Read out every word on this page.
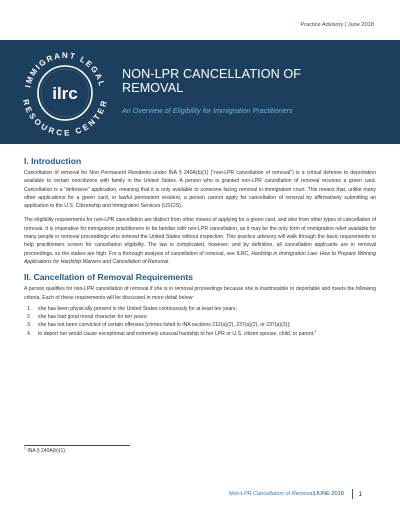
Practice Advisory | June 2018
IMMIGRANT LEGAL
RESOURCE CENTER
ilrc
NON-LPR CANCELLATION OF
REMOVAL
An Overview of Eligibility for Immigration Practitioners
I. Introduction

Cancellation of removal for Non Permanent Residents under INA § 240A(b)(1) (“non-LPR cancellation of removal”) is a critical defense to deportation available to certain noncitizens with family in the United States. A person who is granted non-LPR cancellation of removal receives a green card. Cancellation is a “defensive” application, meaning that it is only available to someone facing removal in immigration court. This means that, unlike many other applications for a green card, or lawful permanent resident, a person cannot apply for cancellation of removal by affirmatively submitting an application to the U.S. Citizenship and Immigration Services (USCIS).

The eligibility requirements for non-LPR cancellation are distinct from other means of applying for a green card, and also from other types of cancellation of removal. It is imperative for immigration practitioners to be familiar with non-LPR cancellation, as it may be the only form of immigration relief available for many people in removal proceedings who entered the United States without inspection. This practice advisory will walk through the basic requirements to help practitioners screen for cancellation eligibility. The law is complicated, however; and by definition, all cancellation applicants are in removal proceedings, so the stakes are high. For a thorough analysis of cancellation of removal, see ILRC, Hardship in Immigration Law: How to Prepare Winning Applications for Hardship Waivers and Cancellation of Removal.

II. Cancellation of Removal Requirements

A person qualifies for non-LPR cancellation of removal if she is in removal proceedings because she is inadmissible or deportable and meets the following criteria. Each of these requirements will be discussed in more detail below:

1. she has been physically present in the United States continuously for at least ten years;
2. she has had good moral character for ten years;
3. she has not been convicted of certain offenses [crimes listed in INA sections 212(a)(2), 237(a)(2), or 237(a)(3)];
4. to deport her would cause exceptional and extremely unusual hardship to her LPR or U.S. citizen spouse, child, or parent.$^1$
$^1$ INA § 240A(b)(1).
Non-LPR Cancellation of Removal | JUNE 2018 1
